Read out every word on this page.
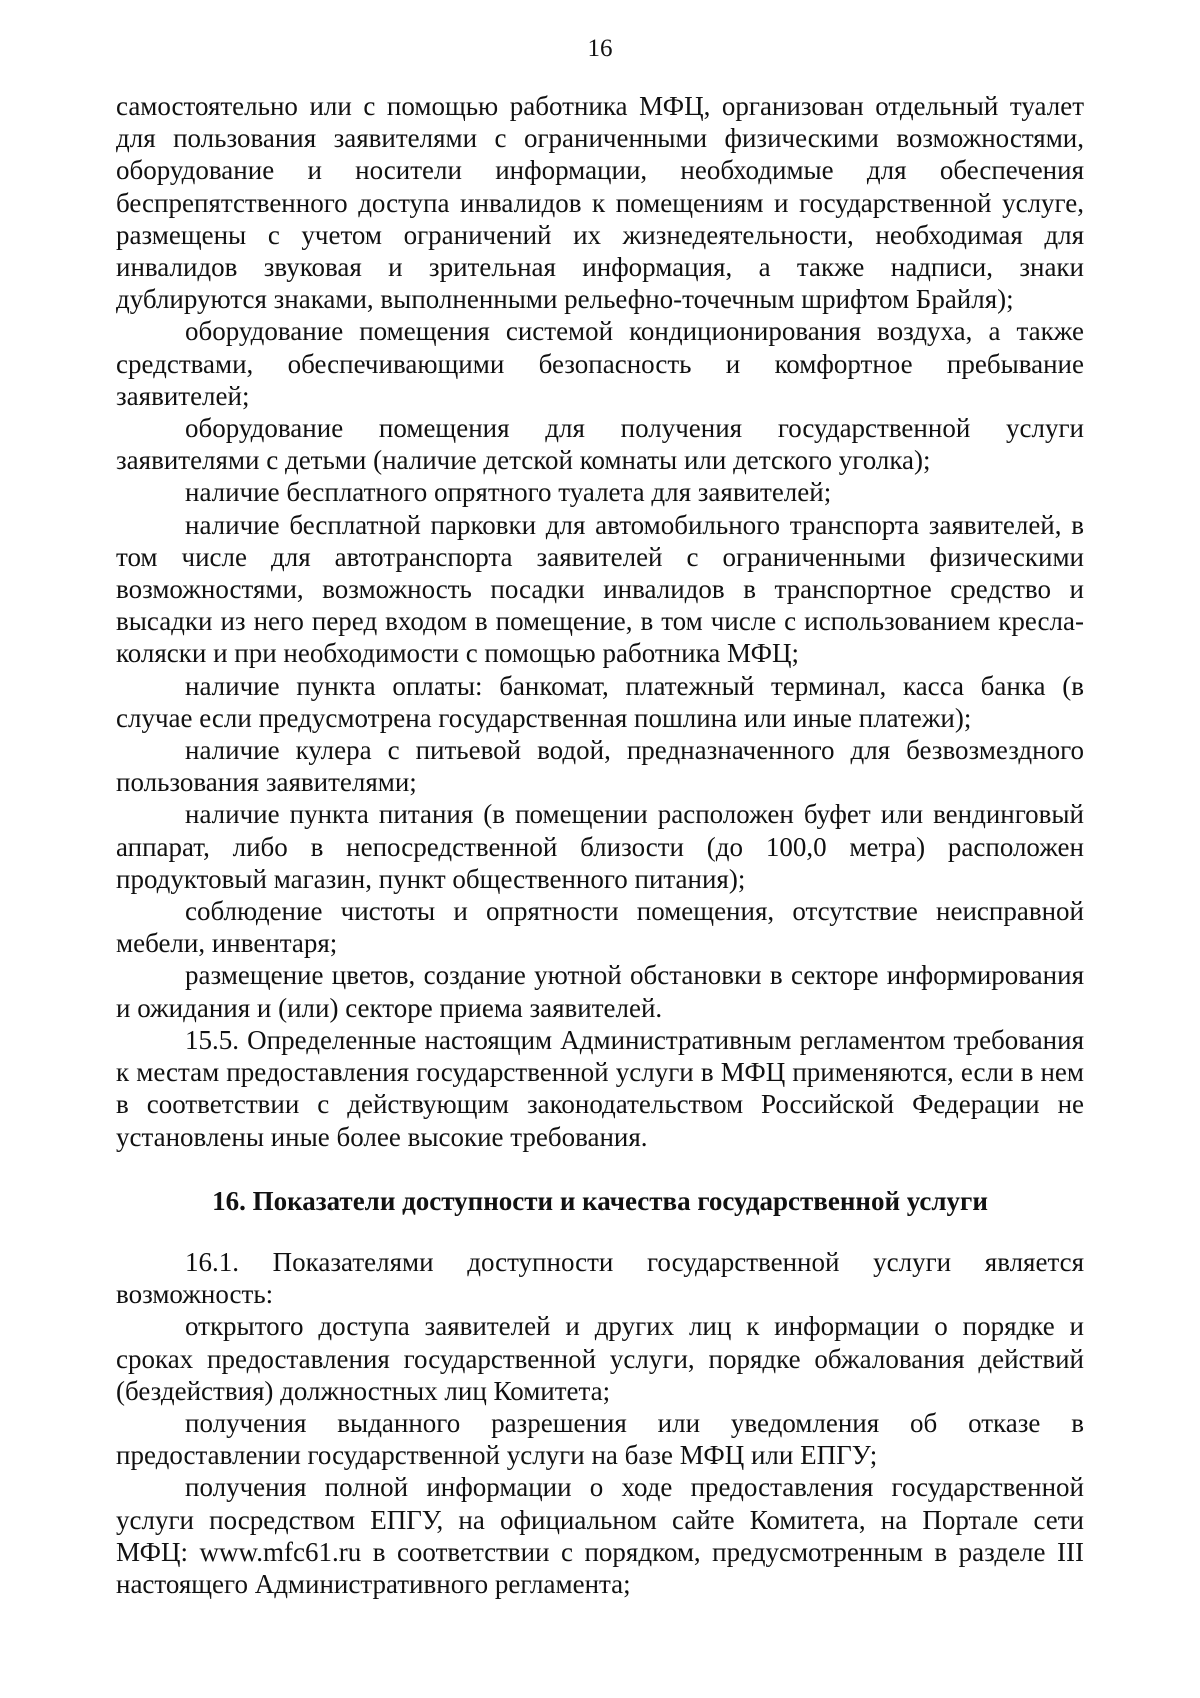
16

самостоятельно или с помощью работника МФЦ, организован отдельный туалет для пользования заявителями с ограниченными физическими возможностями, оборудование и носители информации, необходимые для обеспечения беспрепятственного доступа инвалидов к помещениям и государственной услуге, размещены с учетом ограничений их жизнедеятельности, необходимая для инвалидов звуковая и зрительная информация, а также надписи, знаки дублируются знаками, выполненными рельефно-точечным шрифтом Брайля);

оборудование помещения системой кондиционирования воздуха, а также средствами, обеспечивающими безопасность и комфортное пребывание заявителей;

оборудование помещения для получения государственной услуги заявителями с детьми (наличие детской комнаты или детского уголка);

наличие бесплатного опрятного туалета для заявителей;

наличие бесплатной парковки для автомобильного транспорта заявителей, в том числе для автотранспорта заявителей с ограниченными физическими возможностями, возможность посадки инвалидов в транспортное средство и высадки из него перед входом в помещение, в том числе с использованием кресла-коляски и при необходимости с помощью работника МФЦ;

наличие пункта оплаты: банкомат, платежный терминал, касса банка (в случае если предусмотрена государственная пошлина или иные платежи);

наличие кулера с питьевой водой, предназначенного для безвозмездного пользования заявителями;

наличие пункта питания (в помещении расположен буфет или вендинговый аппарат, либо в непосредственной близости (до 100,0 метра) расположен продуктовый магазин, пункт общественного питания);

соблюдение чистоты и опрятности помещения, отсутствие неисправной мебели, инвентаря;

размещение цветов, создание уютной обстановки в секторе информирования и ожидания и (или) секторе приема заявителей.

15.5. Определенные настоящим Административным регламентом требования к местам предоставления государственной услуги в МФЦ применяются, если в нем в соответствии с действующим законодательством Российской Федерации не установлены иные более высокие требования.

16. Показатели доступности и качества государственной услуги

16.1. Показателями доступности государственной услуги является возможность:

открытого доступа заявителей и других лиц к информации о порядке и сроках предоставления государственной услуги, порядке обжалования действий (бездействия) должностных лиц Комитета;

получения выданного разрешения или уведомления об отказе в предоставлении государственной услуги на базе МФЦ или ЕПГУ;

получения полной информации о ходе предоставления государственной услуги посредством ЕПГУ, на официальном сайте Комитета, на Портале сети МФЦ: www.mfc61.ru в соответствии с порядком, предусмотренным в разделе III настоящего Административного регламента;
